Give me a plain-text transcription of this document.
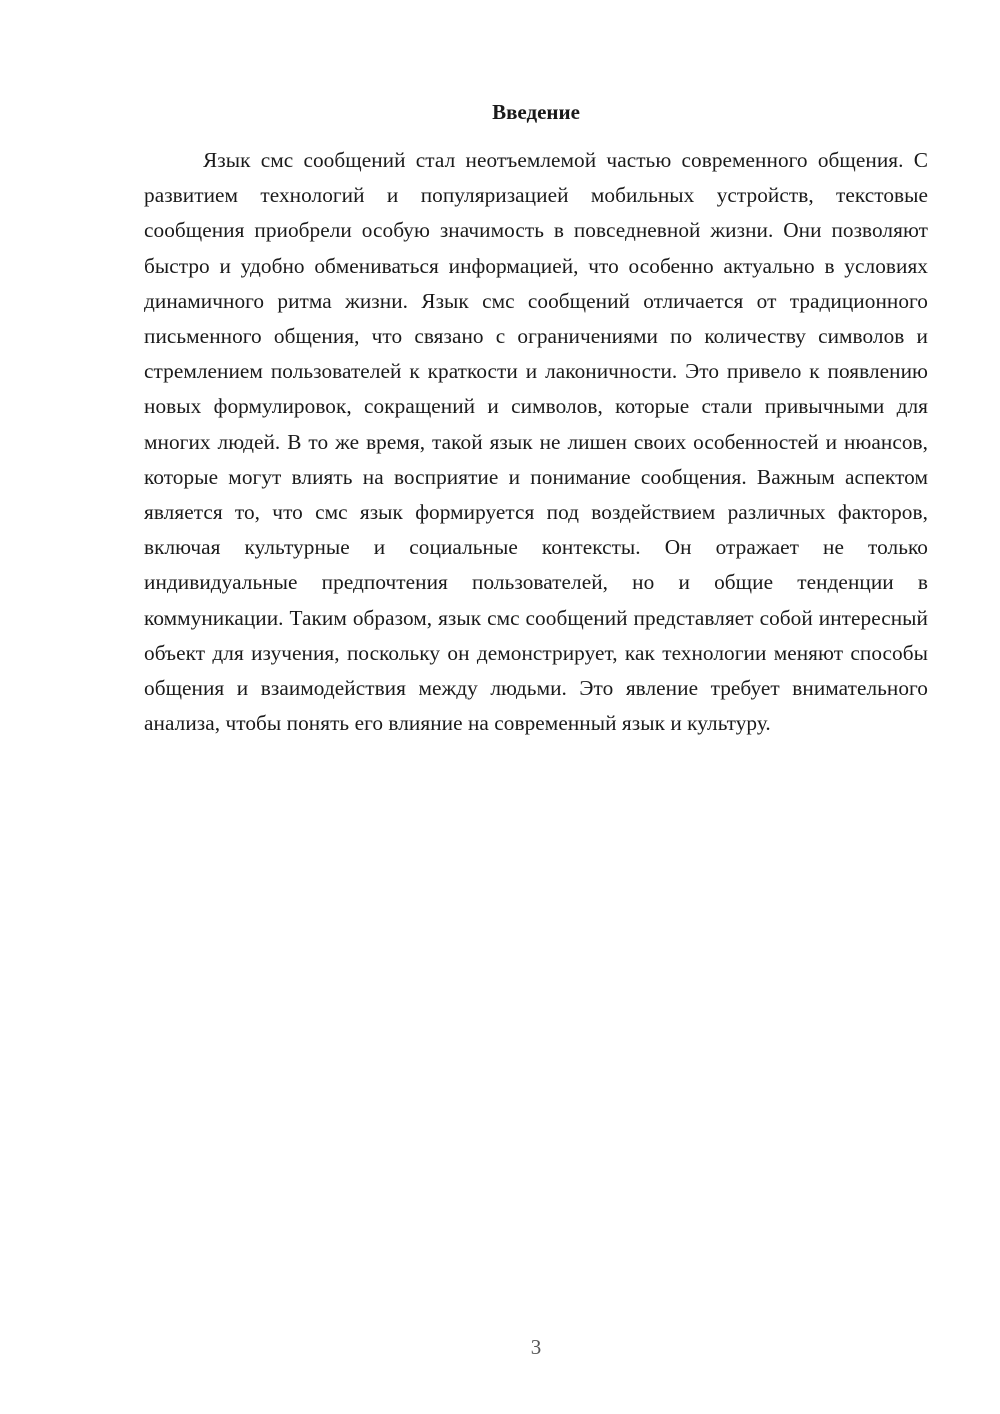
Введение

Язык смс сообщений стал неотъемлемой частью современного общения. С развитием технологий и популяризацией мобильных устройств, текстовые сообщения приобрели особую значимость в повседневной жизни. Они позволяют быстро и удобно обмениваться информацией, что особенно актуально в условиях динамичного ритма жизни. Язык смс сообщений отличается от традиционного письменного общения, что связано с ограничениями по количеству символов и стремлением пользователей к краткости и лаконичности. Это привело к появлению новых формулировок, сокращений и символов, которые стали привычными для многих людей. В то же время, такой язык не лишен своих особенностей и нюансов, которые могут влиять на восприятие и понимание сообщения. Важным аспектом является то, что смс язык формируется под воздействием различных факторов, включая культурные и социальные контексты. Он отражает не только индивидуальные предпочтения пользователей, но и общие тенденции в коммуникации. Таким образом, язык смс сообщений представляет собой интересный объект для изучения, поскольку он демонстрирует, как технологии меняют способы общения и взаимодействия между людьми. Это явление требует внимательного анализа, чтобы понять его влияние на современный язык и культуру.

3
